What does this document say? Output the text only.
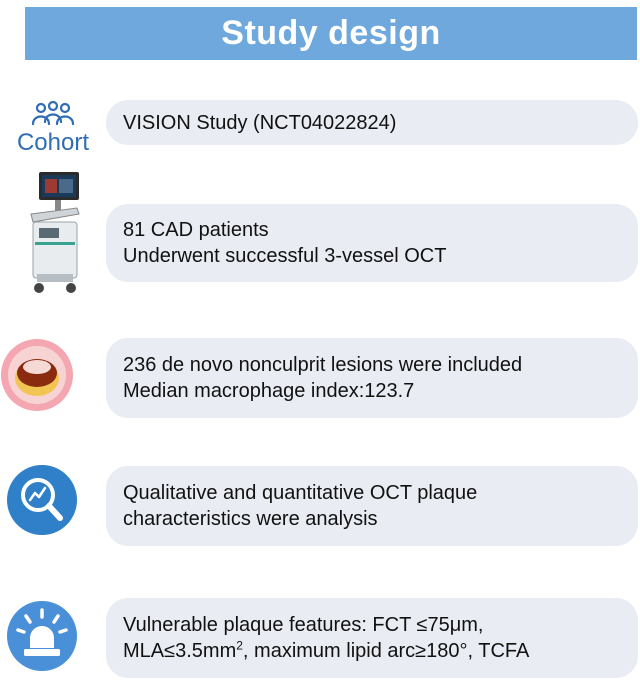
Study design
Cohort
VISION Study (NCT04022824)
81 CAD patients
Underwent successful 3-vessel OCT
236 de novo nonculprit lesions were included
Median macrophage index:123.7
Qualitative and quantitative OCT plaque
characteristics were analysis
Vulnerable plaque features: FCT ≤75μm,
$MLA\le 3.5mm^2$, maximum lipid arc≥180°, TCFA
